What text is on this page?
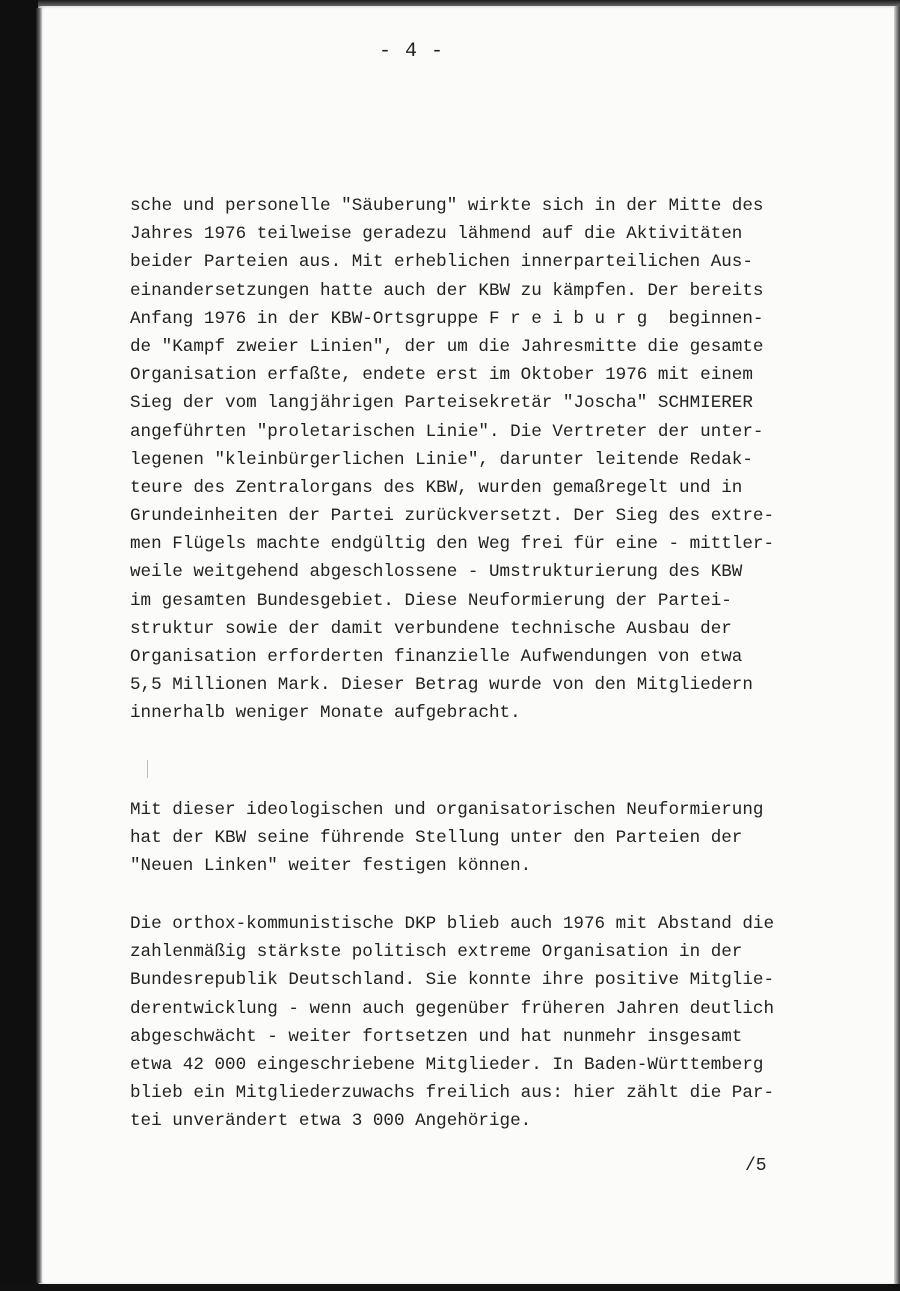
- 4 -
sche und personelle "Säuberung" wirkte sich in der Mitte des
Jahres 1976 teilweise geradezu lähmend auf die Aktivitäten
beider Parteien aus. Mit erheblichen innerparteilichen Aus-
einandersetzungen hatte auch der KBW zu kämpfen. Der bereits
Anfang 1976 in der KBW-Ortsgruppe F r e i b u r g  beginnen-
de "Kampf zweier Linien", der um die Jahresmitte die gesamte
Organisation erfaßte, endete erst im Oktober 1976 mit einem
Sieg der vom langjährigen Parteisekretär "Joscha" SCHMIERER
angeführten "proletarischen Linie". Die Vertreter der unter-
legenen "kleinbürgerlichen Linie", darunter leitende Redak-
teure des Zentralorgans des KBW, wurden gemaßregelt und in
Grundeinheiten der Partei zurückversetzt. Der Sieg des extre-
men Flügels machte endgültig den Weg frei für eine - mittler-
weile weitgehend abgeschlossene - Umstrukturierung des KBW
im gesamten Bundesgebiet. Diese Neuformierung der Partei-
struktur sowie der damit verbundene technische Ausbau der
Organisation erforderten finanzielle Aufwendungen von etwa
5,5 Millionen Mark. Dieser Betrag wurde von den Mitgliedern
innerhalb weniger Monate aufgebracht.
Mit dieser ideologischen und organisatorischen Neuformierung
hat der KBW seine führende Stellung unter den Parteien der
"Neuen Linken" weiter festigen können.
Die orthox-kommunistische DKP blieb auch 1976 mit Abstand die
zahlenmäßig stärkste politisch extreme Organisation in der
Bundesrepublik Deutschland. Sie konnte ihre positive Mitglie-
derentwicklung - wenn auch gegenüber früheren Jahren deutlich
abgeschwächt - weiter fortsetzen und hat nunmehr insgesamt
etwa 42 000 eingeschriebene Mitglieder. In Baden-Württemberg
blieb ein Mitgliederzuwachs freilich aus: hier zählt die Par-
tei unverändert etwa 3 000 Angehörige.
/5
